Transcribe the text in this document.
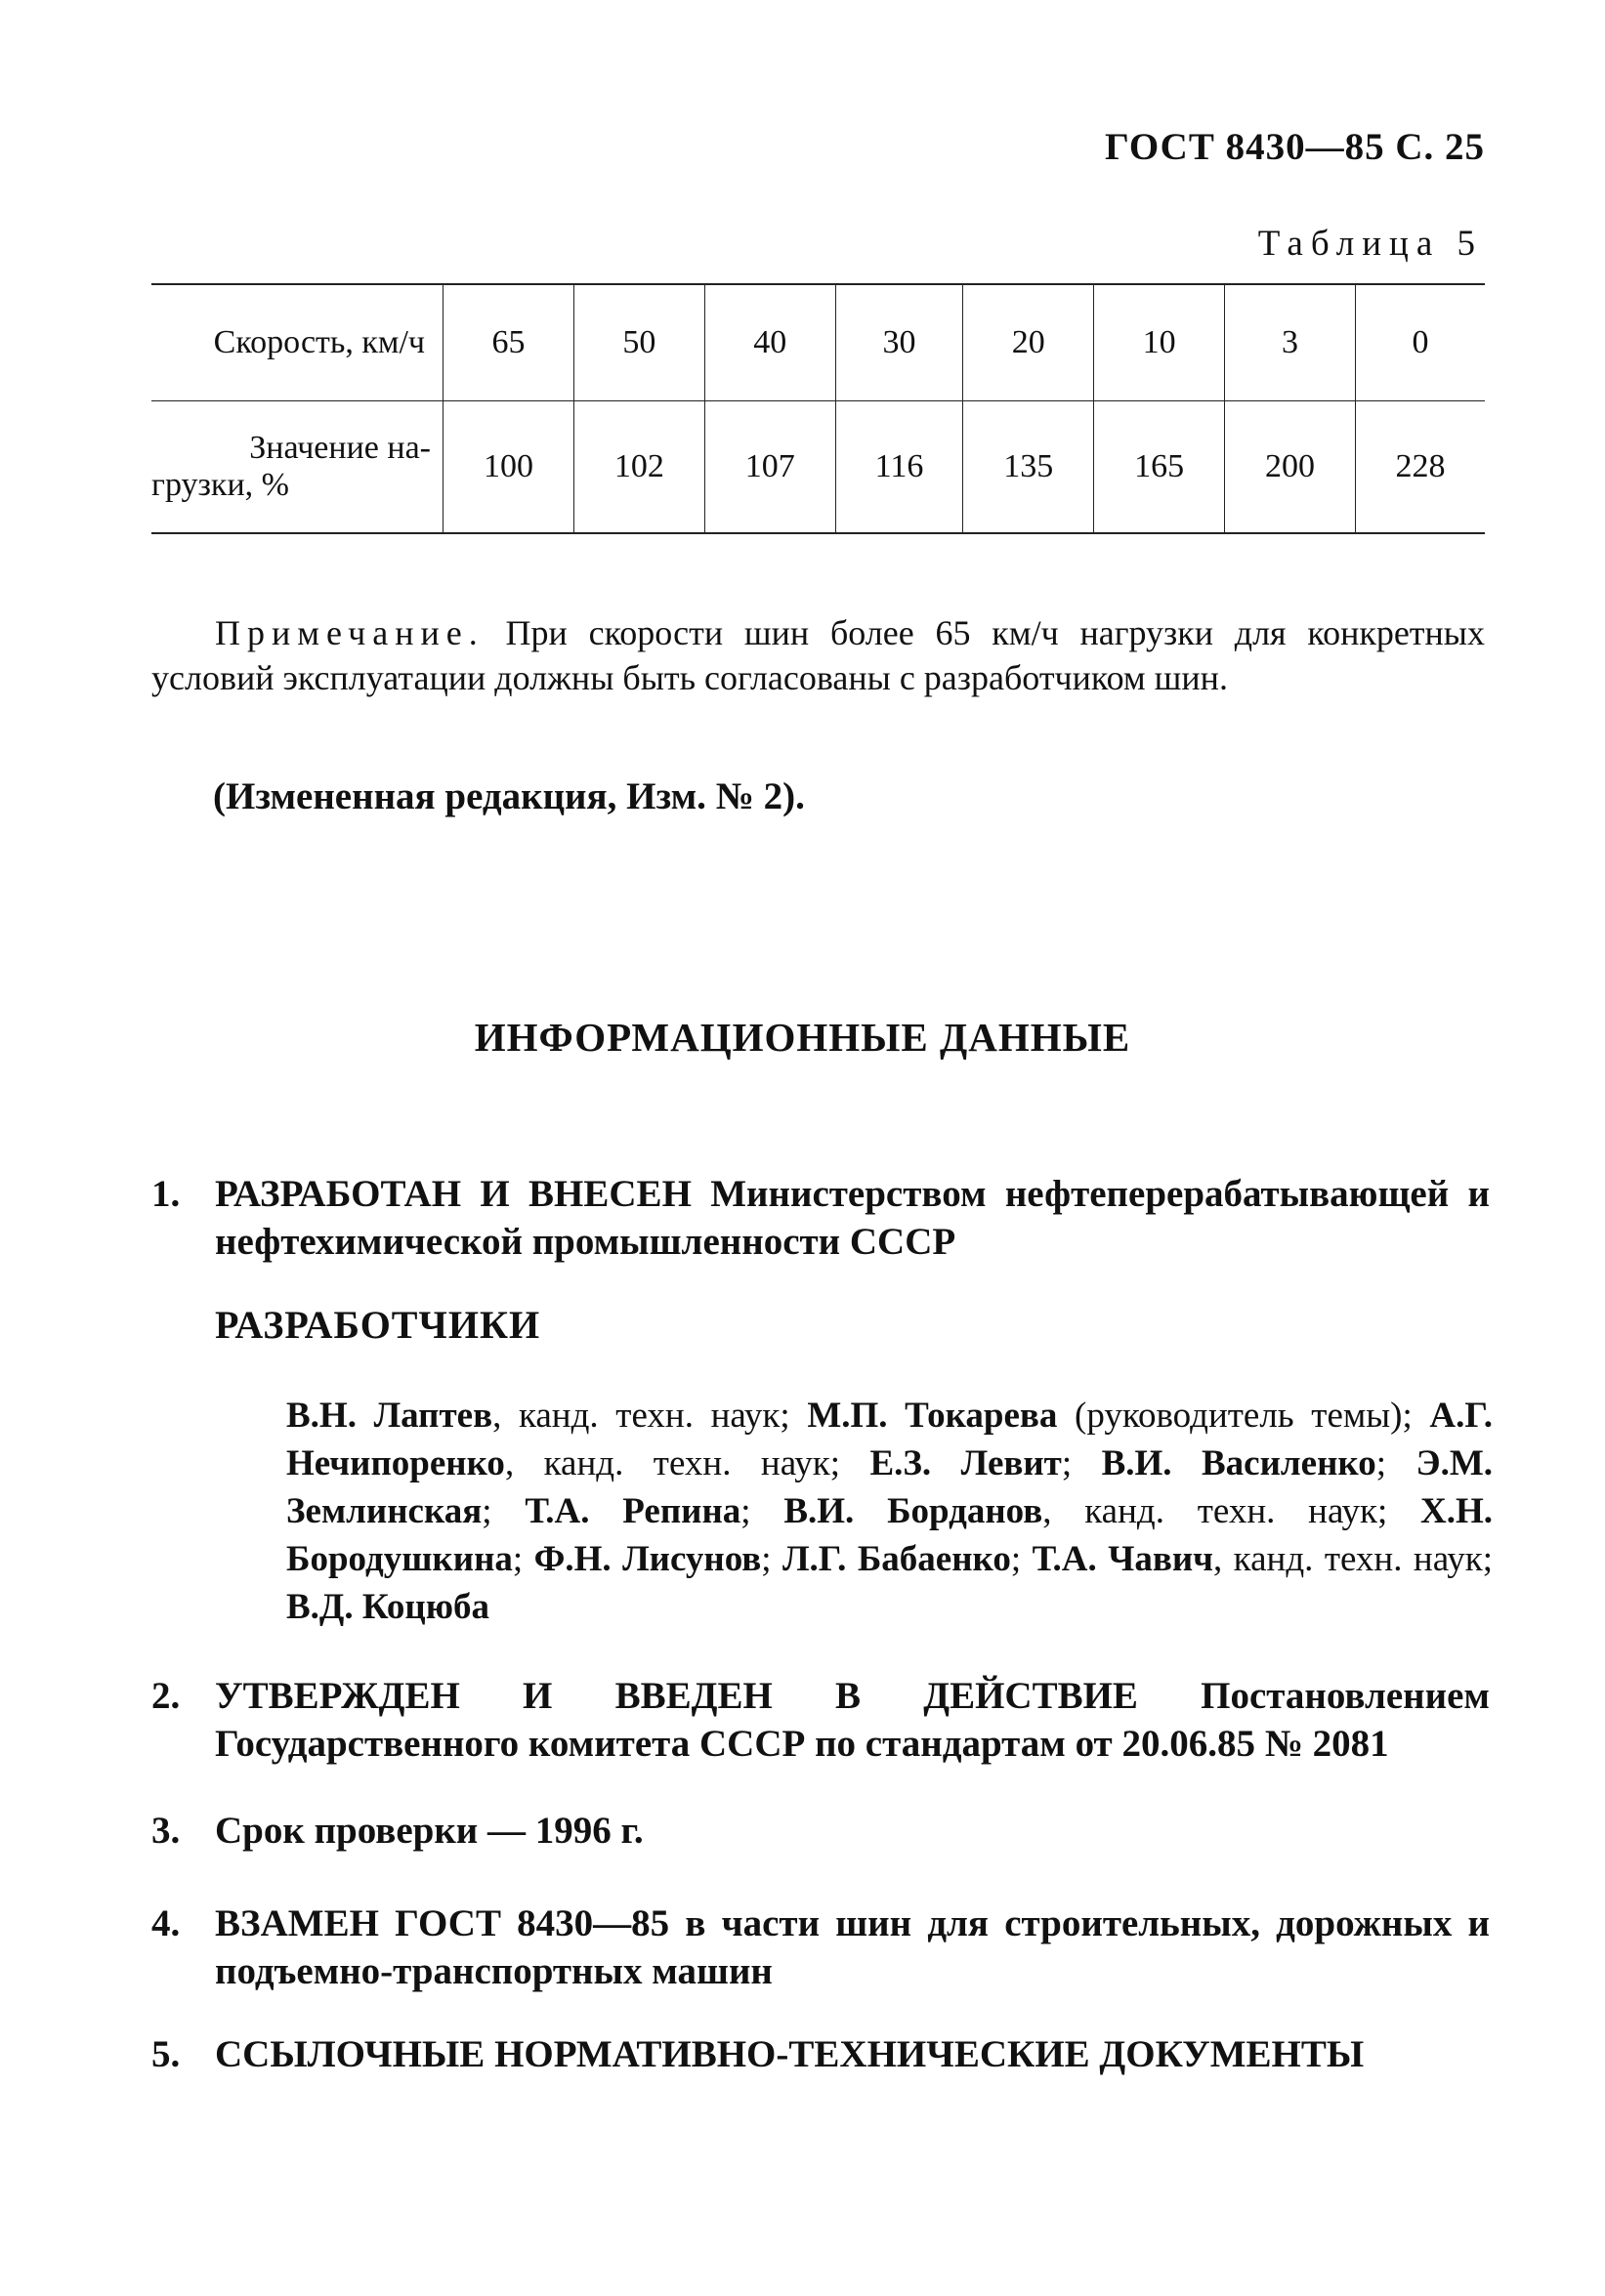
ГОСТ 8430—85 С. 25
Таблица 5
Скорость, км/ч	65	50	40	30	20	10	3	0

Значение на-
грузки, %	100	102	107	116	135	165	200	228

Примечание. При скорости шин более 65 км/ч нагрузки для конкретных условий эксплуатации должны быть согласованы с разработчиком шин.

(Измененная редакция, Изм. № 2).
ИНФОРМАЦИОННЫЕ ДАННЫЕ
1. РАЗРАБОТАН И ВНЕСЕН Министерством нефтеперерабатывающей и нефтехимической промышленности СССР
РАЗРАБОТЧИКИ
В.Н. Лаптев, канд. техн. наук; М.П. Токарева (руководитель темы); А.Г. Нечипоренко, канд. техн. наук; Е.З. Левит; В.И. Василенко; Э.М. Землинская; Т.А. Репина; В.И. Борданов, канд. техн. наук; Х.Н. Бородушкина; Ф.Н. Лисунов; Л.Г. Бабаенко; Т.А. Чавич, канд. техн. наук; В.Д. Коцюба
2. УТВЕРЖДЕН И ВВЕДЕН В ДЕЙСТВИЕ Постановлением Государственного комитета СССР по стандартам от 20.06.85 № 2081
3. Срок проверки — 1996 г.
4. ВЗАМЕН ГОСТ 8430—85 в части шин для строительных, дорожных и подъемно-транспортных машин
5. ССЫЛОЧНЫЕ НОРМАТИВНО-ТЕХНИЧЕСКИЕ ДОКУМЕНТЫ
